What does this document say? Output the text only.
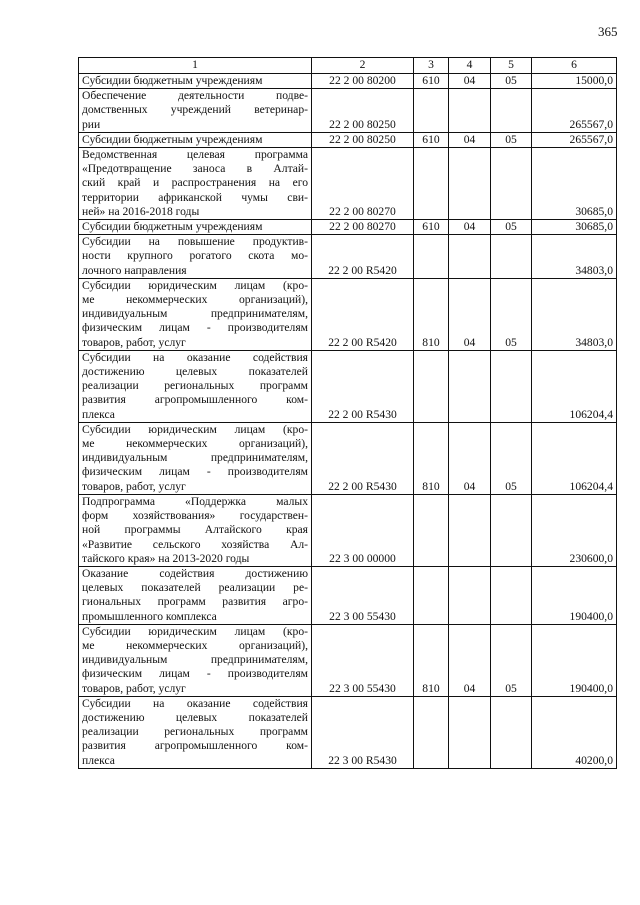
365
1	2	3	4	5	6

Субсидии бюджетным учреждениям	22 2 00 80200	610	04	05	15000,0

Обеспечение деятельности подве-
домственных учреждений ветеринар-
рии	22 2 00 80250				265567,0

Субсидии бюджетным учреждениям	22 2 00 80250	610	04	05	265567,0

Ведомственная целевая программа
«Предотвращение заноса в Алтай-
ский край и распространения на его
территории африканской чумы сви-
ней» на 2016-2018 годы	22 2 00 80270				30685,0

Субсидии бюджетным учреждениям	22 2 00 80270	610	04	05	30685,0

Субсидии на повышение продуктив-
ности крупного рогатого скота мо-
лочного направления	22 2 00 R5420				34803,0

Субсидии юридическим лицам (кро-
ме некоммерческих организаций),
индивидуальным предпринимателям,
физическим лицам - производителям
товаров, работ, услуг	22 2 00 R5420	810	04	05	34803,0

Субсидии на оказание содействия
достижению целевых показателей
реализации региональных программ
развития агропромышленного ком-
плекса	22 2 00 R5430				106204,4

Субсидии юридическим лицам (кро-
ме некоммерческих организаций),
индивидуальным предпринимателям,
физическим лицам - производителям
товаров, работ, услуг	22 2 00 R5430	810	04	05	106204,4

Подпрограмма «Поддержка малых
форм хозяйствования» государствен-
ной программы Алтайского края
«Развитие сельского хозяйства Ал-
тайского края» на 2013-2020 годы	22 3 00 00000				230600,0

Оказание содействия достижению
целевых показателей реализации ре-
гиональных программ развития агро-
промышленного комплекса	22 3 00 55430				190400,0

Субсидии юридическим лицам (кро-
ме некоммерческих организаций),
индивидуальным предпринимателям,
физическим лицам - производителям
товаров, работ, услуг	22 3 00 55430	810	04	05	190400,0

Субсидии на оказание содействия
достижению целевых показателей
реализации региональных программ
развития агропромышленного ком-
плекса	22 3 00 R5430				40200,0
